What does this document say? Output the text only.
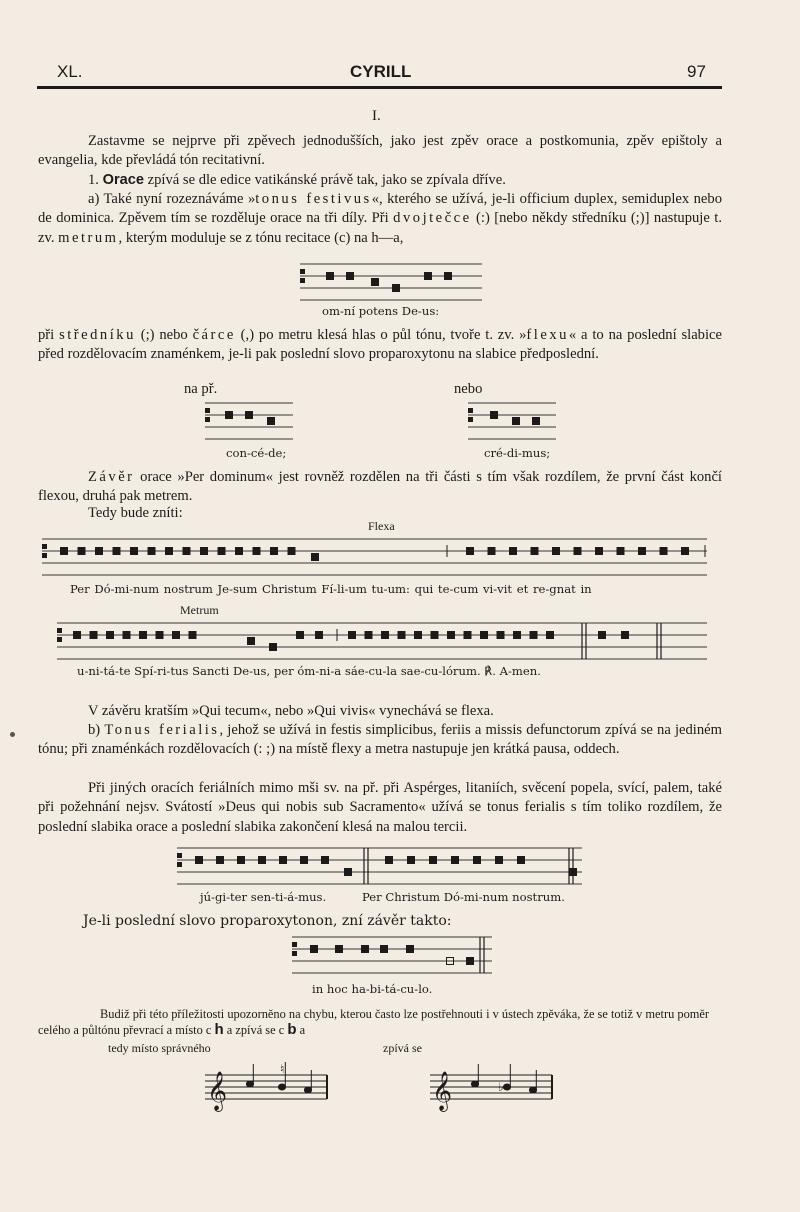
XL.	CYRILL	97
I.
Zastavme se nejprve při zpěvech jednodušších, jako jest zpěv orace a postkomunia, zpěv epištoly a evangelia, kde převládá tón recitativní.
1. Orace zpívá se dle edice vatikánské právě tak, jako se zpívala dříve.
a) Také nyní rozeznáváme »tonus festivus«, kterého se užívá, je-li officium duplex, semiduplex nebo de dominica. Zpěvem tím se rozděluje orace na tři díly. Při dvojtečce (:) [nebo někdy středníku (;)] nastupuje t. zv. metrum, kterým moduluje se z tónu recitace (c) na h—a,
om-ní potens De-us:
při středníku (;) nebo čárce (,) po metru klesá hlas o půl tónu, tvoře t. zv. »flexu« a to na poslední slabice před rozdělovacím znaménkem, je-li pak poslední slovo proparoxytonu na slabice předposlední.
na př.	nebo
con-cé-de;	cré-di-mus;
Závěr orace »Per dominum« jest rovněž rozdělen na tři části s tím však rozdílem, že první část končí flexou, druhá pak metrem.
Tedy bude zníti:
Flexa
Per Dó-mi-num nostrum Je-sum Christum Fí-li-um tu-um: qui te-cum vi-vit et re-gnat in
Metrum
u-ni-tá-te Spí-ri-tus Sancti De-us, per óm-ni-a sáe-cu-la sae-cu-lórum. ℟. A-men.
V závěru kratším »Qui tecum«, nebo »Qui vivis« vynechává se flexa.
b) Tonus ferialis, jehož se užívá in festis simplicibus, feriis a missis defunctorum zpívá se na jediném tónu; při znaménkách rozdělovacích (: ;) na místě flexy a metra nastupuje jen krátká pausa, oddech.
Při jiných oracích feriálních mimo mši sv. na př. při Aspérges, litaniích, svěcení popela, svící, palem, také při požehnání nejsv. Svátostí »Deus qui nobis sub Sacramento« užívá se tonus ferialis s tím toliko rozdílem, že poslední slabika orace a poslední slabika zakončení klesá na malou tercii.
jú-gi-ter sen-ti-á-mus.	Per Christum Dó-mi-num nostrum.
Je-li poslední slovo proparoxytonon, zní závěr takto:
in hoc ha-bi-tá-cu-lo.
Budiž při této příležitosti upozorněno na chybu, kterou často lze postřehnouti i v ústech zpěváka, že se totiž v metru poměr celého a půltónu převrací a místo c h a zpívá se c b a
tedy místo správného	zpívá se
𝄞
♮
𝄞	♭
